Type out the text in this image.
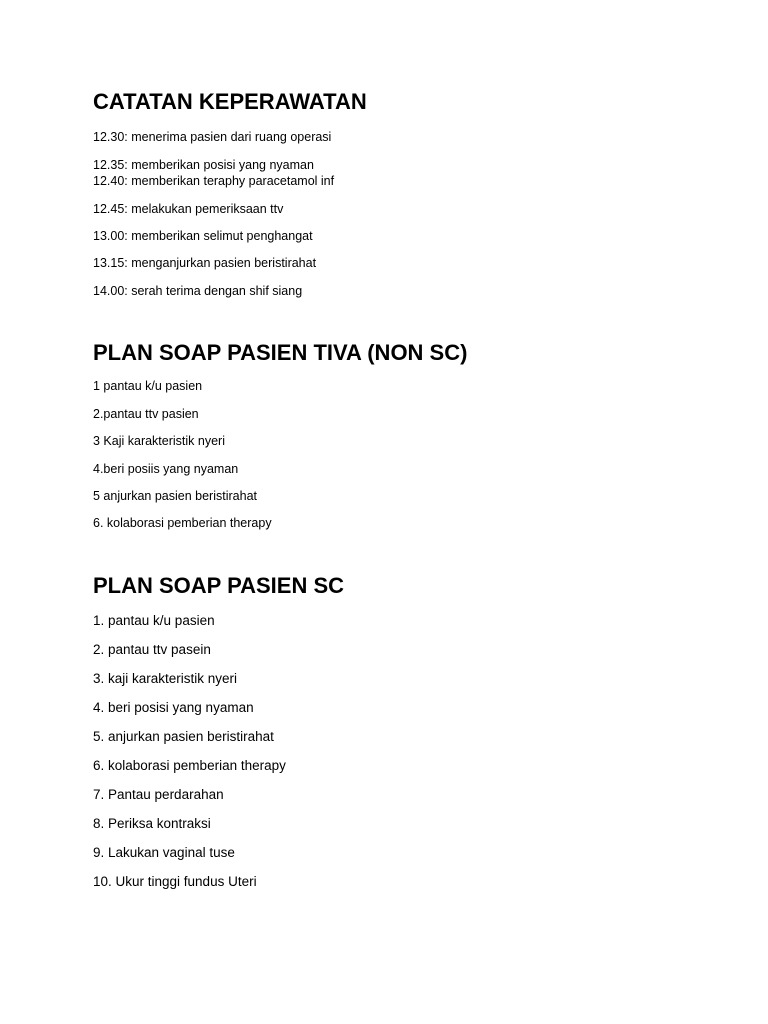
CATATAN KEPERAWATAN

12.30: menerima pasien dari ruang operasi

12.35: memberikan posisi yang nyaman

12.40: memberikan teraphy paracetamol inf

12.45: melakukan pemeriksaan ttv

13.00: memberikan selimut penghangat

13.15: menganjurkan pasien beristirahat

14.00: serah terima dengan shif siang

PLAN SOAP PASIEN TIVA (NON SC)

1 pantau k/u pasien

2.pantau ttv pasien

3 Kaji karakteristik nyeri

4.beri posiis yang nyaman

5 anjurkan pasien beristirahat

6. kolaborasi pemberian therapy

PLAN SOAP PASIEN SC

1. pantau k/u pasien

2. pantau ttv pasein

3. kaji karakteristik nyeri

4. beri posisi yang nyaman

5. anjurkan pasien beristirahat

6. kolaborasi pemberian therapy

7. Pantau perdarahan

8. Periksa kontraksi

9. Lakukan vaginal tuse

10. Ukur tinggi fundus Uteri
